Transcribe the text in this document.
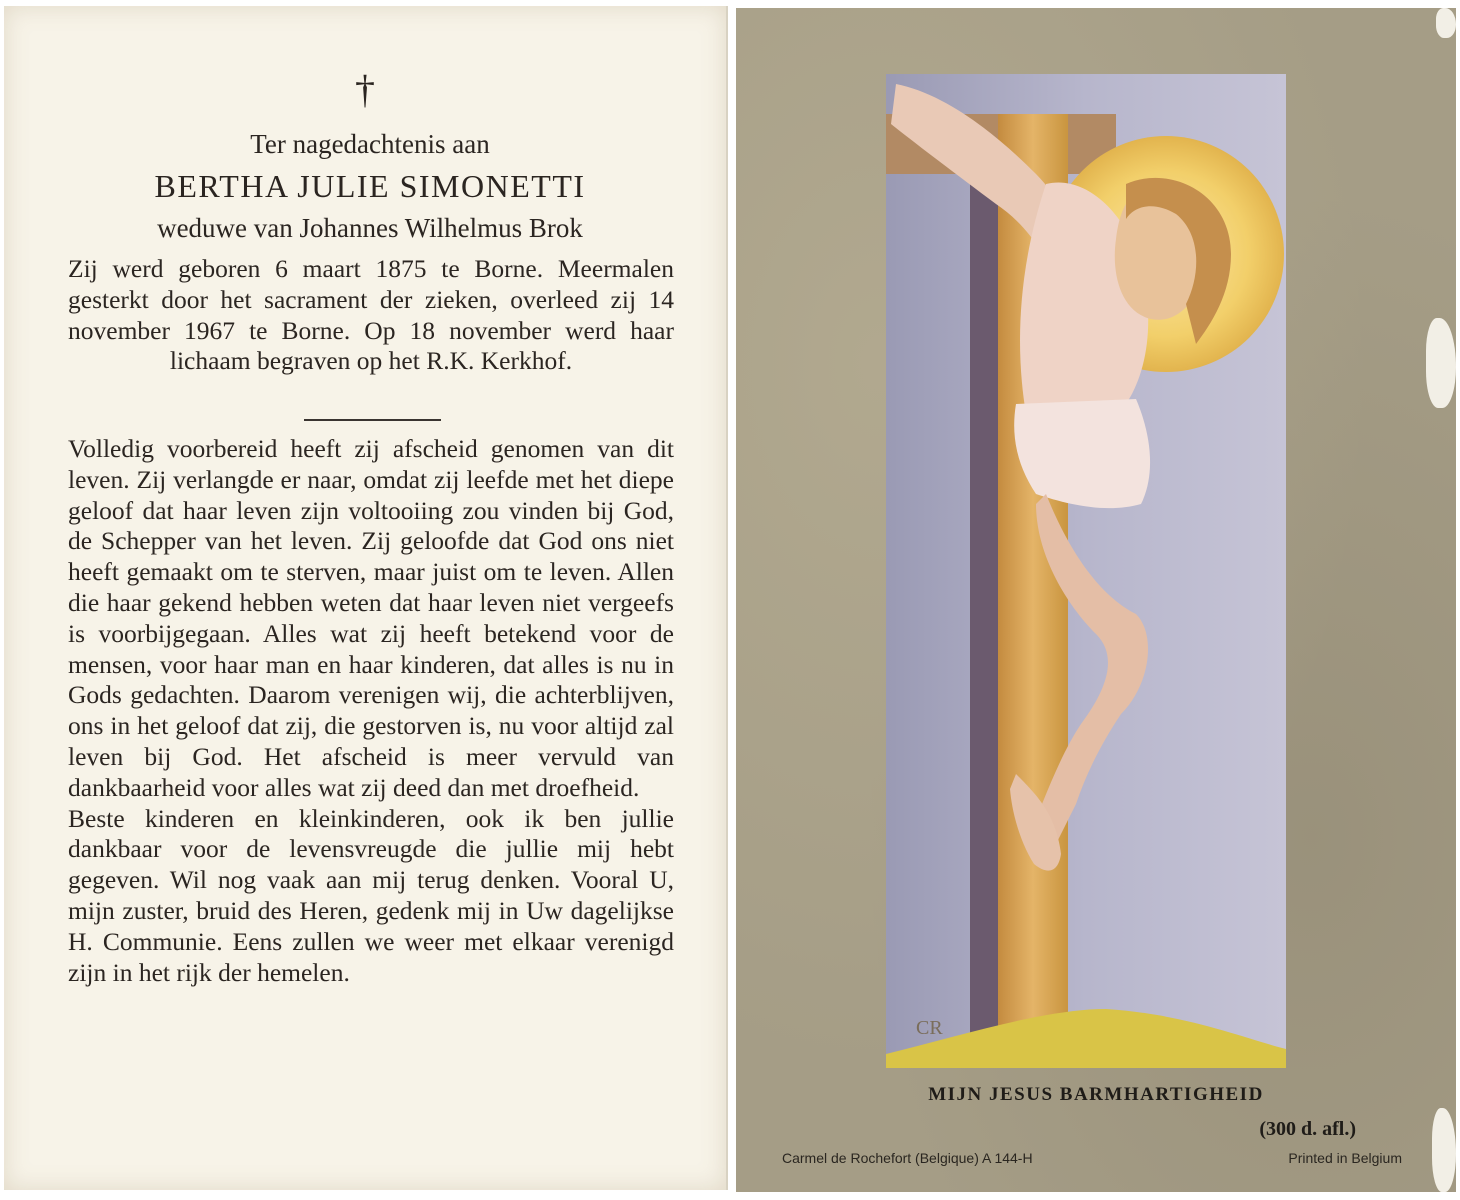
†

Ter nagedachtenis aan

BERTHA JULIE SIMONETTI

weduwe van Johannes Wilhelmus Brok

Zij werd geboren 6 maart 1875 te Borne. Meermalen gesterkt door het sacrament der zieken, overleed zij 14 november 1967 te Borne. Op 18 november werd haar lichaam begraven op het R.K. Kerkhof.

Volledig voorbereid heeft zij afscheid genomen van dit leven. Zij verlangde er naar, omdat zij leefde met het diepe geloof dat haar leven zijn voltooiing zou vinden bij God, de Schepper van het leven. Zij geloofde dat God ons niet heeft gemaakt om te sterven, maar juist om te leven. Allen die haar gekend hebben weten dat haar leven niet vergeefs is voorbijgegaan. Alles wat zij heeft betekend voor de mensen, voor haar man en haar kinderen, dat alles is nu in Gods gedachten. Daarom verenigen wij, die achterblijven, ons in het geloof dat zij, die gestorven is, nu voor altijd zal leven bij God. Het afscheid is meer vervuld van dankbaarheid voor alles wat zij deed dan met droefheid.

Beste kinderen en kleinkinderen, ook ik ben jullie dankbaar voor de levensvreugde die jullie mij hebt gegeven. Wil nog vaak aan mij terug denken. Vooral U, mijn zuster, bruid des Heren, gedenk mij in Uw dagelijkse H. Communie. Eens zullen we weer met elkaar verenigd zijn in het rijk der hemelen.

CR
MIJN JESUS BARMHARTIGHEID
(300 d. afl.)
Carmel de Rochefort (Belgique) A 144-H	Printed in Belgium
